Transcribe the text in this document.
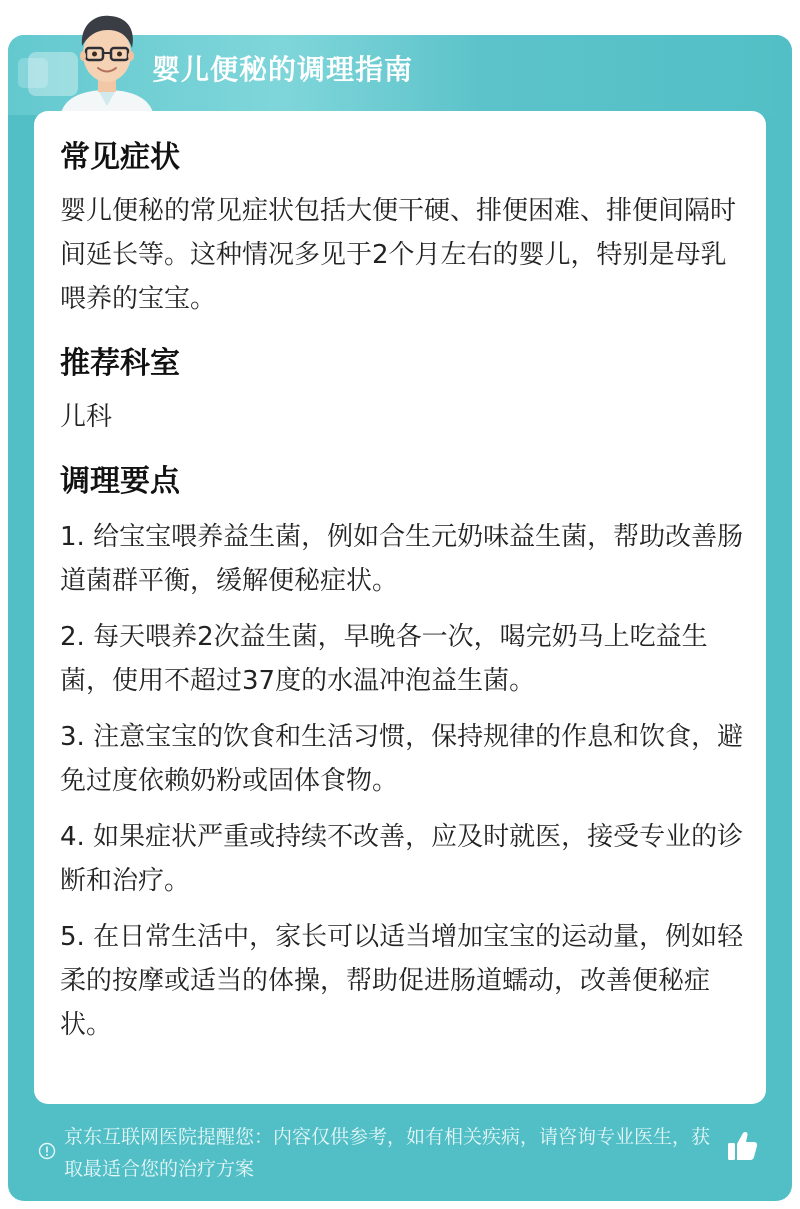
婴儿便秘的调理指南
常见症状

婴儿便秘的常见症状包括大便干硬、排便困难、排便间隔时间延长等。这种情况多见于2个月左右的婴儿，特别是母乳喂养的宝宝。

推荐科室

儿科

调理要点

1. 给宝宝喂养益生菌，例如合生元奶味益生菌，帮助改善肠道菌群平衡，缓解便秘症状。

2. 每天喂养2次益生菌，早晚各一次，喝完奶马上吃益生菌，使用不超过37度的水温冲泡益生菌。

3. 注意宝宝的饮食和生活习惯，保持规律的作息和饮食，避免过度依赖奶粉或固体食物。

4. 如果症状严重或持续不改善，应及时就医，接受专业的诊断和治疗。

5. 在日常生活中，家长可以适当增加宝宝的运动量，例如轻柔的按摩或适当的体操，帮助促进肠道蠕动，改善便秘症状。

京东互联网医院提醒您：内容仅供参考，如有相关疾病，请咨询专业医生，获取最适合您的治疗方案
